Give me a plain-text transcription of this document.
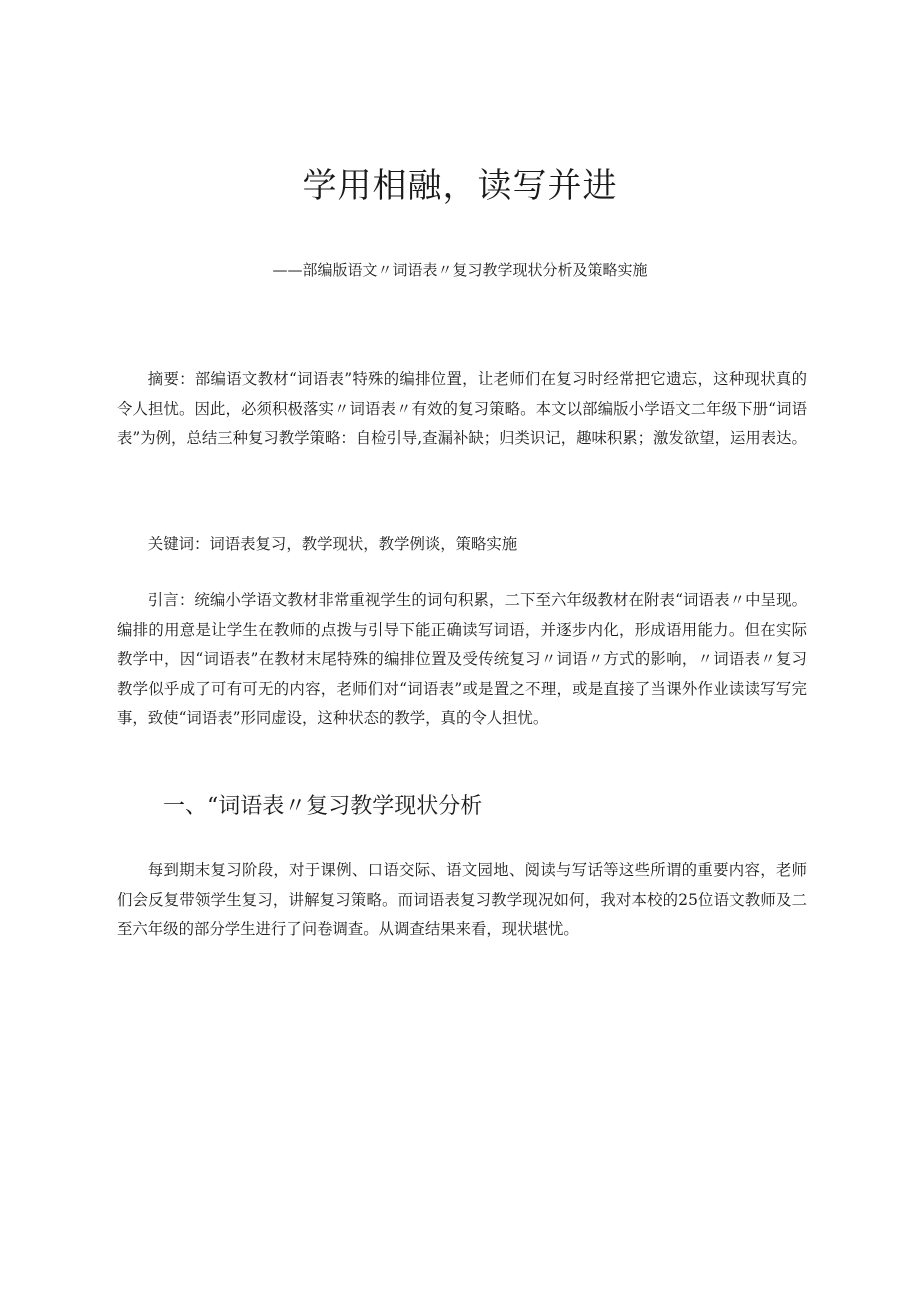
学用相融，读写并进

——部编版语文〃词语表〃复习教学现状分析及策略实施

摘要：部编语文教材“词语表”特殊的编排位置，让老师们在复习时经常把它遗忘，这种现状真的令人担忧。因此，必须积极落实〃词语表〃有效的复习策略。本文以部编版小学语文二年级下册“词语表”为例，总结三种复习教学策略：自检引导,查漏补缺；归类识记，趣味积累；激发欲望，运用表达。

关键词：词语表复习，教学现状，教学例谈，策略实施

引言：统编小学语文教材非常重视学生的词句积累，二下至六年级教材在附表“词语表〃中呈现。编排的用意是让学生在教师的点拨与引导下能正确读写词语，并逐步内化，形成语用能力。但在实际教学中，因“词语表”在教材末尾特殊的编排位置及受传统复习〃词语〃方式的影响，〃词语表〃复习教学似乎成了可有可无的内容，老师们对“词语表”或是置之不理，或是直接了当课外作业读读写写完事，致使“词语表”形同虚设，这种状态的教学，真的令人担忧。

一、“词语表〃复习教学现状分析

每到期末复习阶段，对于课例、口语交际、语文园地、阅读与写话等这些所谓的重要内容，老师们会反复带领学生复习，讲解复习策略。而词语表复习教学现况如何，我对本校的25位语文教师及二至六年级的部分学生进行了问卷调查。从调查结果来看，现状堪忧。
